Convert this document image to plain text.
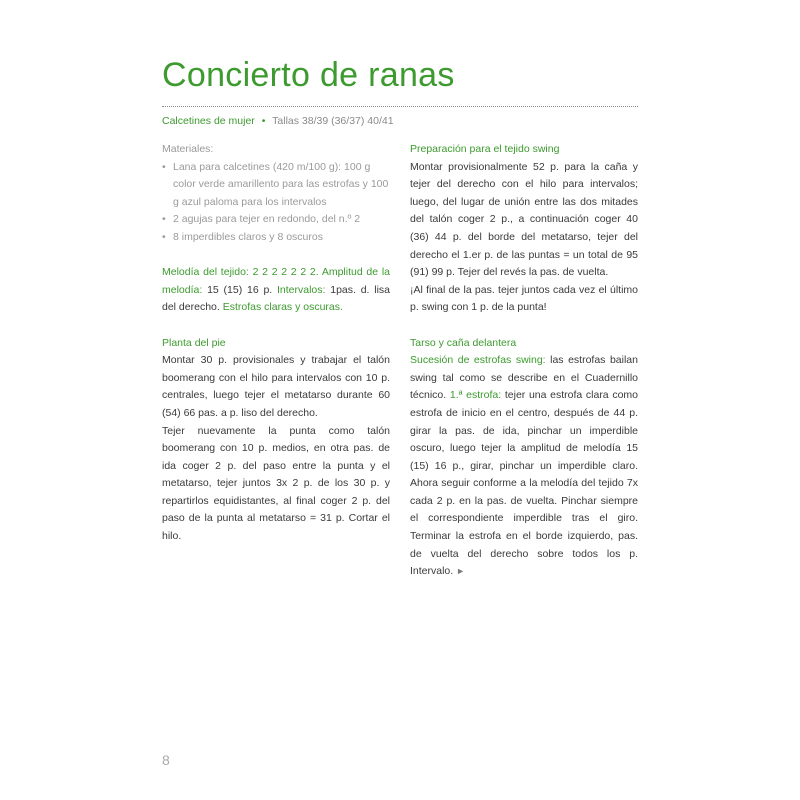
Concierto de ranas
Calcetines de mujer • Tallas 38/39 (36/37) 40/41

Materiales:

• Lana para calcetines (420 m/100 g): 100 g color verde amarillento para las estrofas y 100 g azul paloma para los intervalos
• 2 agujas para tejer en redondo, del n.º 2
• 8 imperdibles claros y 8 oscuros

Melodía del tejido: 2 2 2 2 2 2 2. Amplitud de la melodía: 15 (15) 16 p. Intervalos: 1pas. d. lisa del derecho. Estrofas claras y oscuras.

Planta del pie

Montar 30 p. provisionales y trabajar el talón boomerang con el hilo para intervalos con 10 p. centrales, luego tejer el metatarso durante 60 (54) 66 pas. a p. liso del derecho.

Tejer nuevamente la punta como talón boomerang con 10 p. medios, en otra pas. de ida coger 2 p. del paso entre la punta y el metatarso, tejer juntos 3x 2 p. de los 30 p. y repartirlos equidistantes, al final coger 2 p. del paso de la punta al metatarso = 31 p. Cortar el hilo.

Preparación para el tejido swing

Montar provisionalmente 52 p. para la caña y tejer del derecho con el hilo para intervalos; luego, del lugar de unión entre las dos mitades del talón coger 2 p., a continuación coger 40 (36) 44 p. del borde del metatarso, tejer del derecho el 1.er p. de las puntas = un total de 95 (91) 99 p. Tejer del revés la pas. de vuelta.

¡Al final de la pas. tejer juntos cada vez el último p. swing con 1 p. de la punta!

Tarso y caña delantera

Sucesión de estrofas swing: las estrofas bailan swing tal como se describe en el Cuadernillo técnico. 1.ª estrofa: tejer una estrofa clara como estrofa de inicio en el centro, después de 44 p. girar la pas. de ida, pinchar un imperdible oscuro, luego tejer la amplitud de melodía 15 (15) 16 p., girar, pinchar un imperdible claro. Ahora seguir conforme a la melodía del tejido 7x cada 2 p. en la pas. de vuelta. Pinchar siempre el correspondiente imperdible tras el giro. Terminar la estrofa en el borde izquierdo, pas. de vuelta del derecho sobre todos los p. Intervalo. ►

8
